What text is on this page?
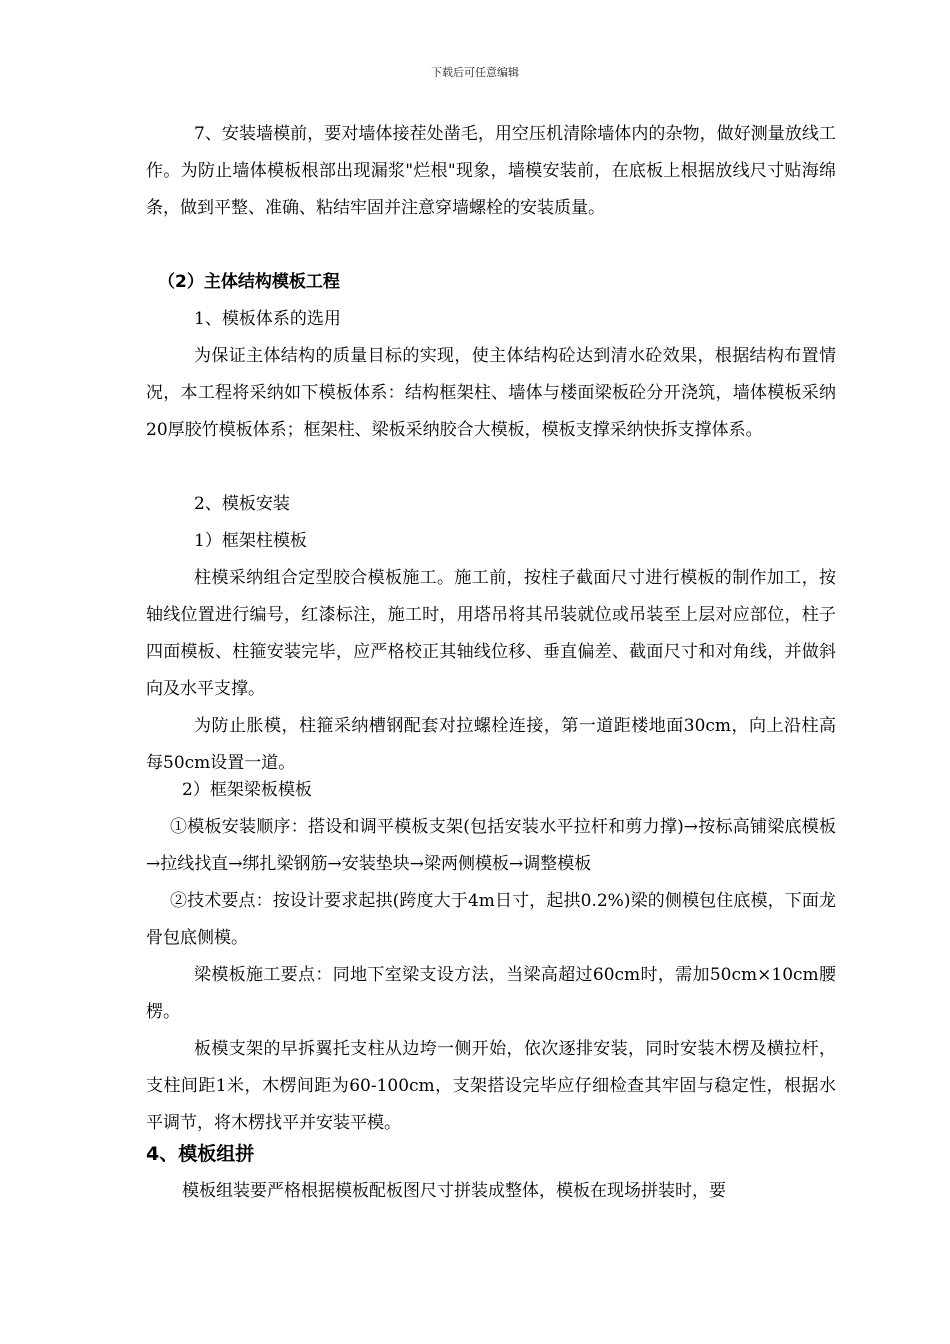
下载后可任意编辑

7、安装墙模前，要对墙体接茬处凿毛，用空压机清除墙体内的杂物，做好测量放线工作。为防止墙体模板根部出现漏浆"烂根"现象，墙模安装前，在底板上根据放线尺寸贴海绵条，做到平整、准确、粘结牢固并注意穿墙螺栓的安装质量。

（2）主体结构模板工程
1、模板体系的选用

为保证主体结构的质量目标的实现，使主体结构砼达到清水砼效果，根据结构布置情况，本工程将采纳如下模板体系：结构框架柱、墙体与楼面梁板砼分开浇筑，墙体模板采纳20厚胶竹模板体系；框架柱、梁板采纳胶合大模板，模板支撑采纳快拆支撑体系。

2、模板安装
1）框架柱模板

柱模采纳组合定型胶合模板施工。施工前，按柱子截面尺寸进行模板的制作加工，按轴线位置进行编号，红漆标注，施工时，用塔吊将其吊装就位或吊装至上层对应部位，柱子四面模板、柱箍安装完毕，应严格校正其轴线位移、垂直偏差、截面尺寸和对角线，并做斜向及水平支撑。

为防止胀模，柱箍采纳槽钢配套对拉螺栓连接，第一道距楼地面30cm，向上沿柱高每50cm设置一道。

2）框架梁板模板

①模板安装顺序：搭设和调平模板支架(包括安装水平拉杆和剪力撑)→按标高铺梁底模板→拉线找直→绑扎梁钢筋→安装垫块→梁两侧模板→调整模板

②技术要点：按设计要求起拱(跨度大于4m日寸，起拱0.2%)梁的侧模包住底模，下面龙骨包底侧模。

梁模板施工要点：同地下室梁支设方法，当梁高超过60cm时，需加50cm×10cm腰楞。

板模支架的早拆翼托支柱从边垮一侧开始，依次逐排安装，同时安装木楞及横拉杆，支柱间距1米，木楞间距为60-100cm，支架搭设完毕应仔细检查其牢固与稳定性，根据水平调节，将木楞找平并安装平模。

4、模板组拼

模板组装要严格根据模板配板图尺寸拼装成整体，模板在现场拼装时，要
